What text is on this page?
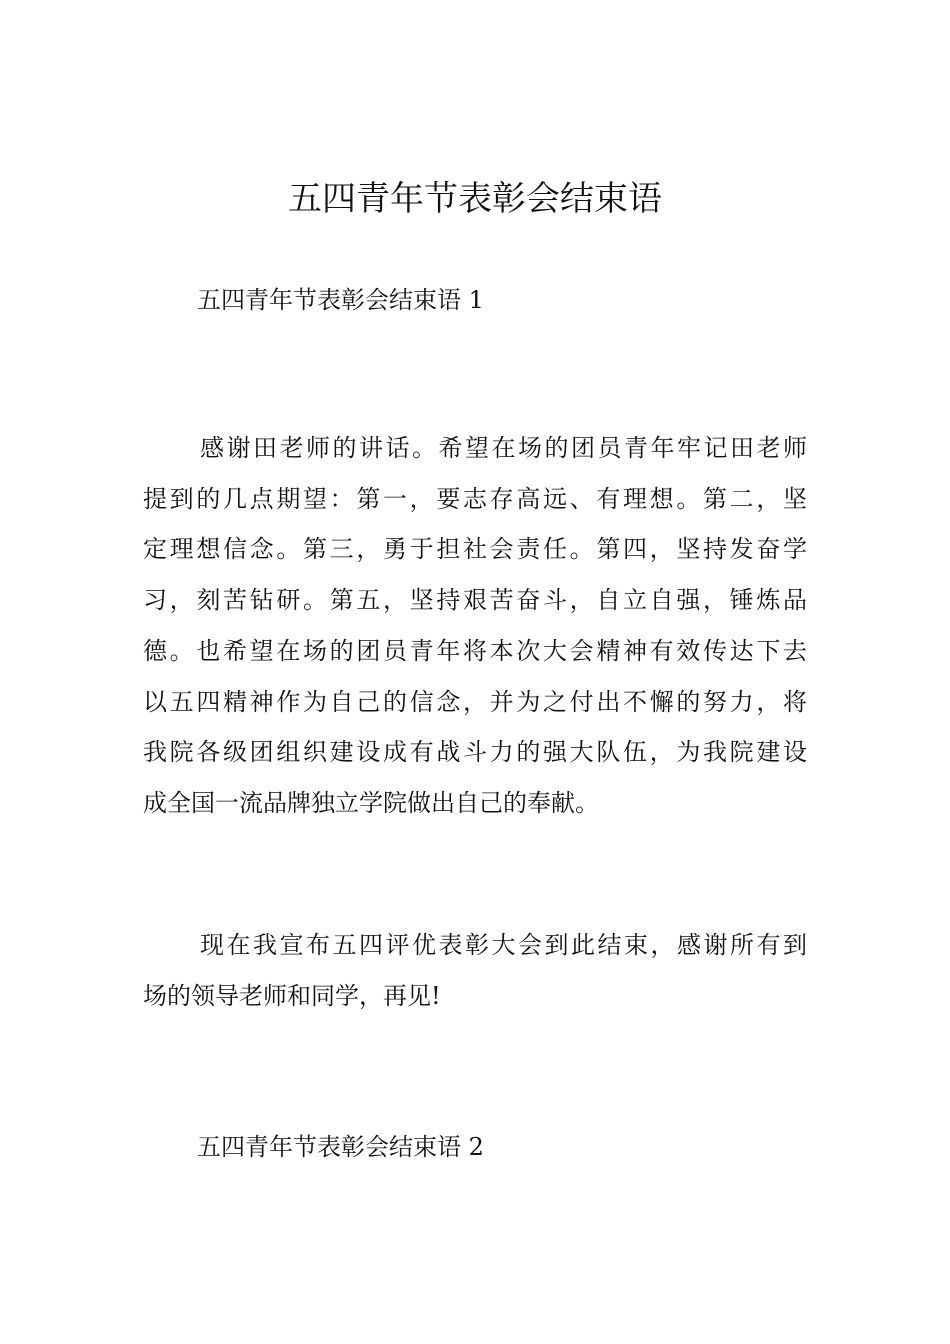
五四青年节表彰会结束语
五四青年节表彰会结束语 1

感谢田老师的讲话。希望在场的团员青年牢记田老师
提到的几点期望：第一，要志存高远、有理想。第二，坚
定理想信念。第三，勇于担社会责任。第四，坚持发奋学
习，刻苦钻研。第五，坚持艰苦奋斗，自立自强，锤炼品
德。也希望在场的团员青年将本次大会精神有效传达下去
以五四精神作为自己的信念，并为之付出不懈的努力，将
我院各级团组织建设成有战斗力的强大队伍，为我院建设
成全国一流品牌独立学院做出自己的奉献。

现在我宣布五四评优表彰大会到此结束，感谢所有到
场的领导老师和同学，再见!

五四青年节表彰会结束语 2
